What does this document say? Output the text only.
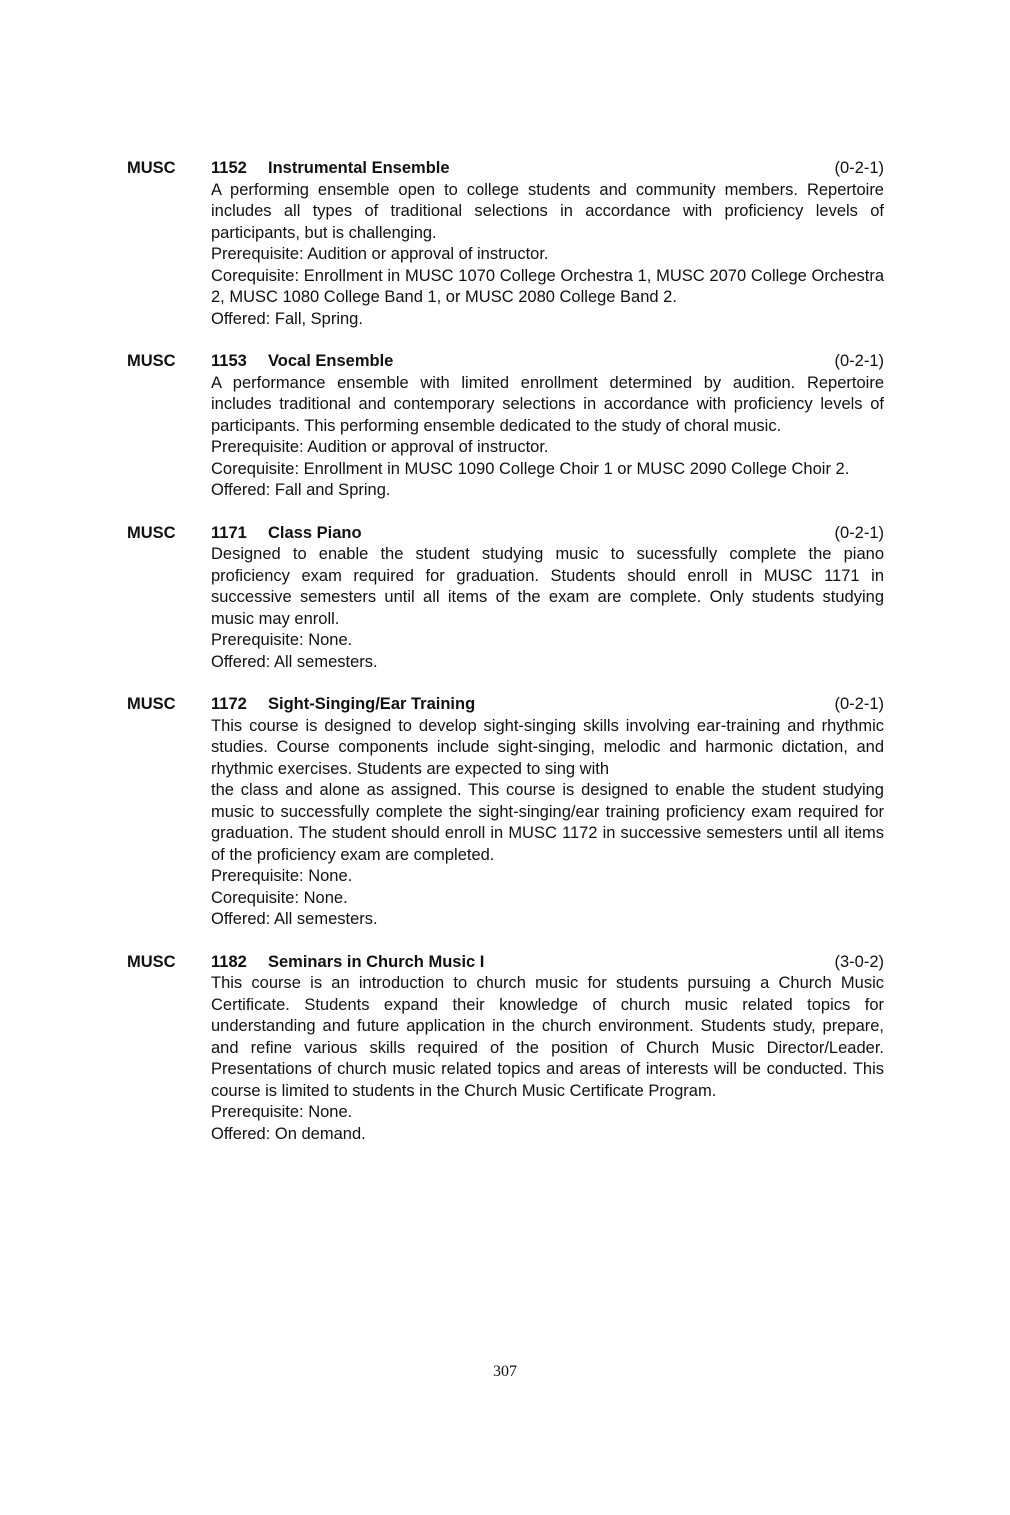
MUSC	1152	Instrumental Ensemble	(0-2-1)
A performing ensemble open to college students and community members. Repertoire includes all types of traditional selections in accordance with proficiency levels of participants, but is challenging.
Prerequisite: Audition or approval of instructor.
Corequisite: Enrollment in MUSC 1070 College Orchestra 1, MUSC 2070 College Orchestra 2, MUSC 1080 College Band 1, or MUSC 2080 College Band 2.
Offered: Fall, Spring.
MUSC	1153	Vocal Ensemble	(0-2-1)
A performance ensemble with limited enrollment determined by audition. Repertoire includes traditional and contemporary selections in accordance with proficiency levels of participants. This performing ensemble dedicated to the study of choral music.
Prerequisite: Audition or approval of instructor.
Corequisite: Enrollment in MUSC 1090 College Choir 1 or MUSC 2090 College Choir 2.
Offered: Fall and Spring.
MUSC	1171	Class Piano	(0-2-1)
Designed to enable the student studying music to sucessfully complete the piano proficiency exam required for graduation. Students should enroll in MUSC 1171 in successive semesters until all items of the exam are complete. Only students studying music may enroll.
Prerequisite: None.
Offered: All semesters.
MUSC	1172	Sight-Singing/Ear Training	(0-2-1)
This course is designed to develop sight-singing skills involving ear-training and rhythmic studies. Course components include sight-singing, melodic and harmonic dictation, and rhythmic exercises. Students are expected to sing with
the class and alone as assigned. This course is designed to enable the student studying music to successfully complete the sight-singing/ear training proficiency exam required for graduation. The student should enroll in MUSC 1172 in successive semesters until all items of the proficiency exam are completed.
Prerequisite: None.
Corequisite: None.
Offered: All semesters.
MUSC	1182	Seminars in Church Music I	(3-0-2)
This course is an introduction to church music for students pursuing a Church Music Certificate. Students expand their knowledge of church music related topics for understanding and future application in the church environment. Students study, prepare, and refine various skills required of the position of Church Music Director/Leader. Presentations of church music related topics and areas of interests will be conducted. This course is limited to students in the Church Music Certificate Program.
Prerequisite: None.
Offered: On demand.
307
